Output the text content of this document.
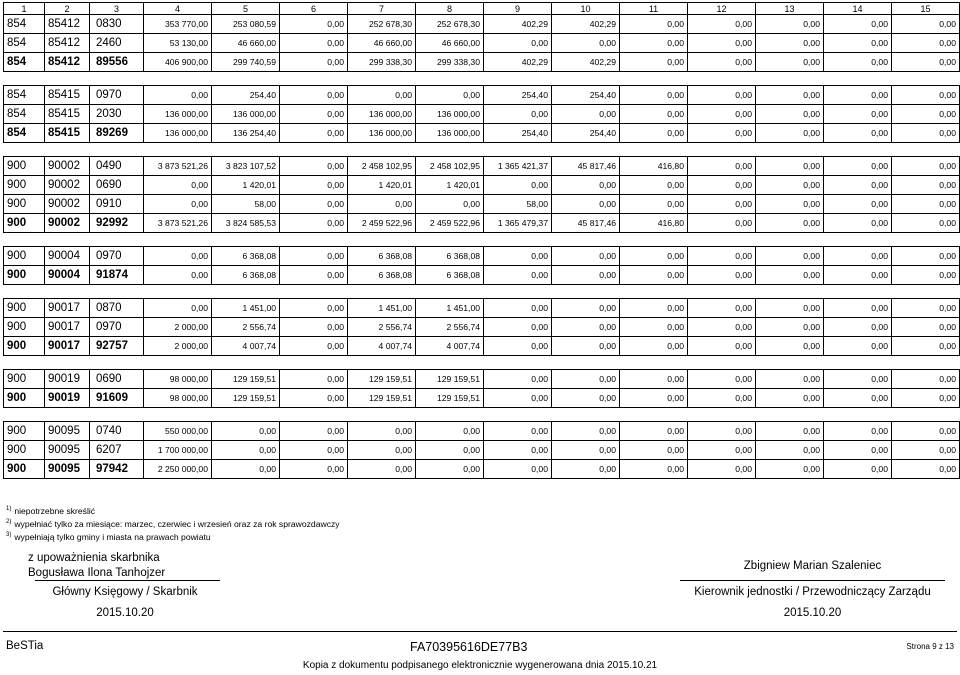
1	2	3	4	5	6	7	8	9	10	11	12	13	14	15
854	85412	0830	353 770,00	253 080,59	0,00	252 678,30	252 678,30	402,29	402,29	0,00	0,00	0,00	0,00	0,00
854	85412	2460	53 130,00	46 660,00	0,00	46 660,00	46 660,00	0,00	0,00	0,00	0,00	0,00	0,00	0,00
854	85412	89556	406 900,00	299 740,59	0,00	299 338,30	299 338,30	402,29	402,29	0,00	0,00	0,00	0,00	0,00

854	85415	0970	0,00	254,40	0,00	0,00	0,00	254,40	254,40	0,00	0,00	0,00	0,00	0,00
854	85415	2030	136 000,00	136 000,00	0,00	136 000,00	136 000,00	0,00	0,00	0,00	0,00	0,00	0,00	0,00
854	85415	89269	136 000,00	136 254,40	0,00	136 000,00	136 000,00	254,40	254,40	0,00	0,00	0,00	0,00	0,00

900	90002	0490	3 873 521,26	3 823 107,52	0,00	2 458 102,95	2 458 102,95	1 365 421,37	45 817,46	416,80	0,00	0,00	0,00	0,00
900	90002	0690	0,00	1 420,01	0,00	1 420,01	1 420,01	0,00	0,00	0,00	0,00	0,00	0,00	0,00
900	90002	0910	0,00	58,00	0,00	0,00	0,00	58,00	0,00	0,00	0,00	0,00	0,00	0,00
900	90002	92992	3 873 521,26	3 824 585,53	0,00	2 459 522,96	2 459 522,96	1 365 479,37	45 817,46	416,80	0,00	0,00	0,00	0,00

900	90004	0970	0,00	6 368,08	0,00	6 368,08	6 368,08	0,00	0,00	0,00	0,00	0,00	0,00	0,00
900	90004	91874	0,00	6 368,08	0,00	6 368,08	6 368,08	0,00	0,00	0,00	0,00	0,00	0,00	0,00

900	90017	0870	0,00	1 451,00	0,00	1 451,00	1 451,00	0,00	0,00	0,00	0,00	0,00	0,00	0,00
900	90017	0970	2 000,00	2 556,74	0,00	2 556,74	2 556,74	0,00	0,00	0,00	0,00	0,00	0,00	0,00
900	90017	92757	2 000,00	4 007,74	0,00	4 007,74	4 007,74	0,00	0,00	0,00	0,00	0,00	0,00	0,00

900	90019	0690	98 000,00	129 159,51	0,00	129 159,51	129 159,51	0,00	0,00	0,00	0,00	0,00	0,00	0,00
900	90019	91609	98 000,00	129 159,51	0,00	129 159,51	129 159,51	0,00	0,00	0,00	0,00	0,00	0,00	0,00

900	90095	0740	550 000,00	0,00	0,00	0,00	0,00	0,00	0,00	0,00	0,00	0,00	0,00	0,00
900	90095	6207	1 700 000,00	0,00	0,00	0,00	0,00	0,00	0,00	0,00	0,00	0,00	0,00	0,00
900	90095	97942	2 250 000,00	0,00	0,00	0,00	0,00	0,00	0,00	0,00	0,00	0,00	0,00	0,00
$^{1)}$ niepotrzebne skreślić
$^{2)}$ wypełniać tylko za miesiące: marzec, czerwiec i wrzesień oraz za rok sprawozdawczy
$^{3)}$ wypełniają tylko gminy i miasta na prawach powiatu
z upoważnienia skarbnika
Bogusława Ilona Tanhojzer
Główny Księgowy / Skarbnik
2015.10.20
Zbigniew Marian Szaleniec
Kierownik jednostki / Przewodniczący Zarządu
2015.10.20
BeSTia	FA70395616DE77B3	Strona 9 z 13
Kopia z dokumentu podpisanego elektronicznie wygenerowana dnia 2015.10.21
